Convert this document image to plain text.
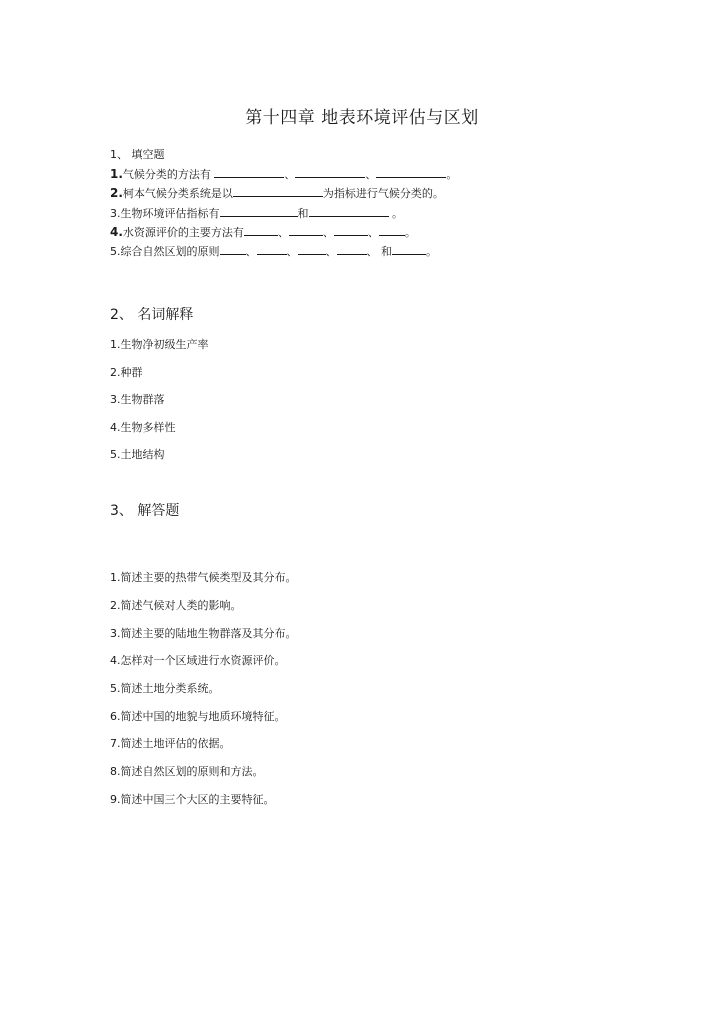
第十四章 地表环境评估与区划
1、 填空题
1.气候分类的方法有	、	、	。
2.柯本气候分类系统是以	为指标进行气候分类的。
3.生物环境评估指标有	和	。
4.水资源评价的主要方法有	、	、	、 。
5.综合自然区划的原则 、	、	、	、 和	。
2、 名词解释
1.生物净初级生产率
2.种群
3.生物群落
4.生物多样性
5.土地结构
3、 解答题
1.简述主要的热带气候类型及其分布。
2.简述气候对人类的影响。
3.简述主要的陆地生物群落及其分布。
4.怎样对一个区域进行水资源评价。
5.简述土地分类系统。
6.简述中国的地貌与地质环境特征。
7.简述土地评估的依据。
8.简述自然区划的原则和方法。
9.简述中国三个大区的主要特征。
